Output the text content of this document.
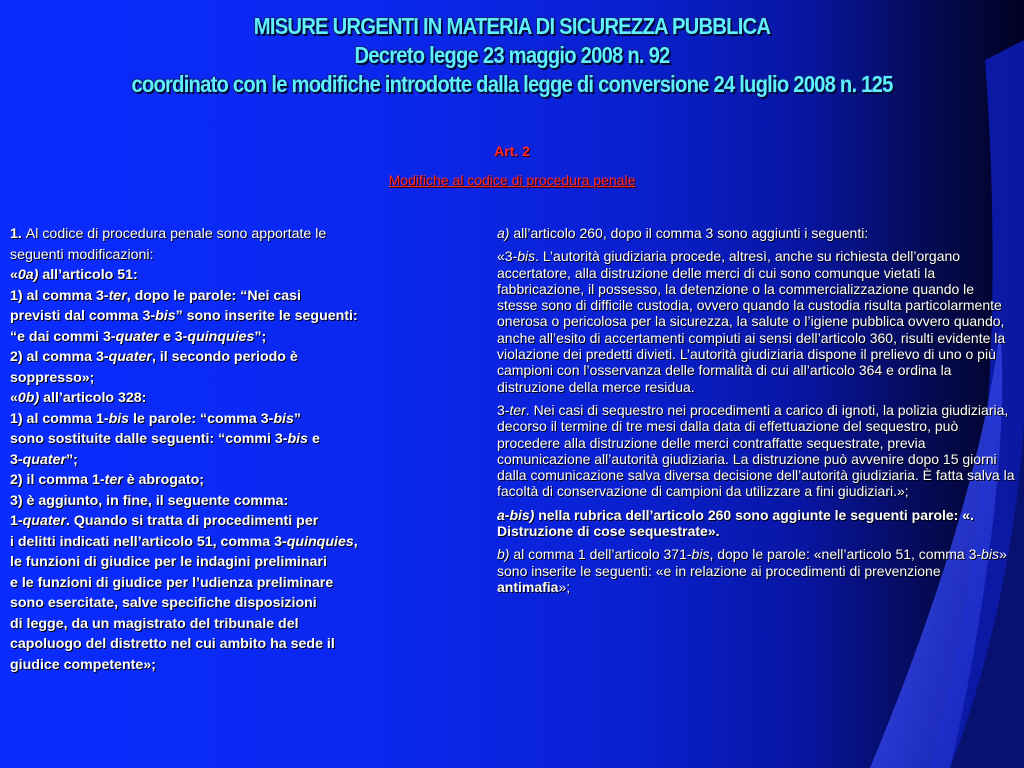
MISURE URGENTI IN MATERIA DI SICUREZZA PUBBLICA
Decreto legge 23 maggio 2008 n. 92
coordinato con le modifiche introdotte dalla legge di conversione 24 luglio 2008 n. 125
Art. 2
Modifiche al codice di procedura penale
1. Al codice di procedura penale sono apportate le
seguenti modificazioni:
«0a) all’articolo 51:
1) al comma 3-ter, dopo le parole: “Nei casi
previsti dal comma 3-bis” sono inserite le seguenti:
“e dai commi 3-quater e 3-quinquies”;
2) al comma 3-quater, il secondo periodo è
soppresso»;
«0b) all’articolo 328:
1) al comma 1-bis le parole: “comma 3-bis”
sono sostituite dalle seguenti: “commi 3-bis e
3-quater”;
2) il comma 1-ter è abrogato;
3) è aggiunto, in fine, il seguente comma:
1-quater. Quando si tratta di procedimenti per
i delitti indicati nell’articolo 51, comma 3-quinquies,
le funzioni di giudice per le indagini preliminari
e le funzioni di giudice per l’udienza preliminare
sono esercitate, salve specifiche disposizioni
di legge, da un magistrato del tribunale del
capoluogo del distretto nel cui ambito ha sede il
giudice competente»;

a) all’articolo 260, dopo il comma 3 sono aggiunti i seguenti:

«3-bis. L’autorità giudiziaria procede, altresì, anche su richiesta dell’organo accertatore, alla distruzione delle merci di cui sono comunque vietati la fabbricazione, il possesso, la detenzione o la commercializzazione quando le stesse sono di difficile custodia, ovvero quando la custodia risulta particolarmente onerosa o pericolosa per la sicurezza, la salute o l’igiene pubblica ovvero quando, anche all’esito di accertamenti compiuti ai sensi dell’articolo 360, risulti evidente la violazione dei predetti divieti. L’autorità giudiziaria dispone il prelievo di uno o più campioni con l’osservanza delle formalità di cui all’articolo 364 e ordina la distruzione della merce residua.

3-ter. Nei casi di sequestro nei procedimenti a carico di ignoti, la polizia giudiziaria, decorso il termine di tre mesi dalla data di effettuazione del sequestro, può procedere alla distruzione delle merci contraffatte sequestrate, previa comunicazione all’autorità giudiziaria. La distruzione può avvenire dopo 15 giorni dalla comunicazione salva diversa decisione dell’autorità giudiziaria. È fatta salva la facoltà di conservazione di campioni da utilizzare a fini giudiziari.»;

a-bis) nella rubrica dell’articolo 260 sono aggiunte le seguenti parole: «. Distruzione di cose sequestrate».

b) al comma 1 dell’articolo 371-bis, dopo le parole: «nell’articolo 51, comma 3-bis» sono inserite le seguenti: «e in relazione ai procedimenti di prevenzione antimafia»;
